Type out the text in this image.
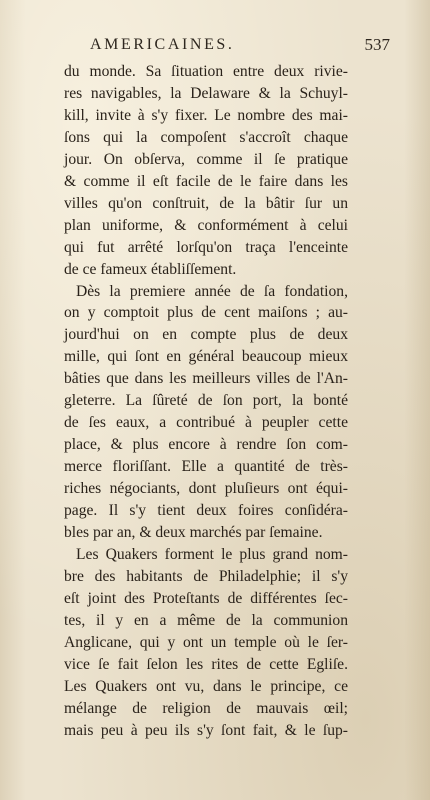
AMERICAINES.	537

du monde. Sa ſituation entre deux rivie-
res navigables, la Delaware & la Schuyl-
kill, invite à s'y fixer. Le nombre des mai-
ſons qui la compoſent s'accroît chaque
jour. On obſerva, comme il ſe pratique
& comme il eſt facile de le faire dans les
villes qu'on conſtruit, de la bâtir ſur un
plan uniforme, & conformément à celui
qui fut arrêté lorſqu'on traça l'enceinte
de ce fameux établiſſement.

Dès la premiere année de ſa fondation,
on y comptoit plus de cent maiſons ; au-
jourd'hui on en compte plus de deux
mille, qui ſont en général beaucoup mieux
bâties que dans les meilleurs villes de l'An-
gleterre. La ſûreté de ſon port, la bonté
de ſes eaux, a contribué à peupler cette
place, & plus encore à rendre ſon com-
merce floriſſant. Elle a quantité de très-
riches négociants, dont pluſieurs ont équi-
page. Il s'y tient deux foires conſidéra-
bles par an, & deux marchés par ſemaine.

Les Quakers forment le plus grand nom-
bre des habitants de Philadelphie; il s'y
eſt joint des Proteſtants de différentes ſec-
tes, il y en a même de la communion
Anglicane, qui y ont un temple où le ſer-
vice ſe fait ſelon les rites de cette Egliſe.
Les Quakers ont vu, dans le principe, ce
mélange de religion de mauvais œil;
mais peu à peu ils s'y ſont fait, & le ſup-
